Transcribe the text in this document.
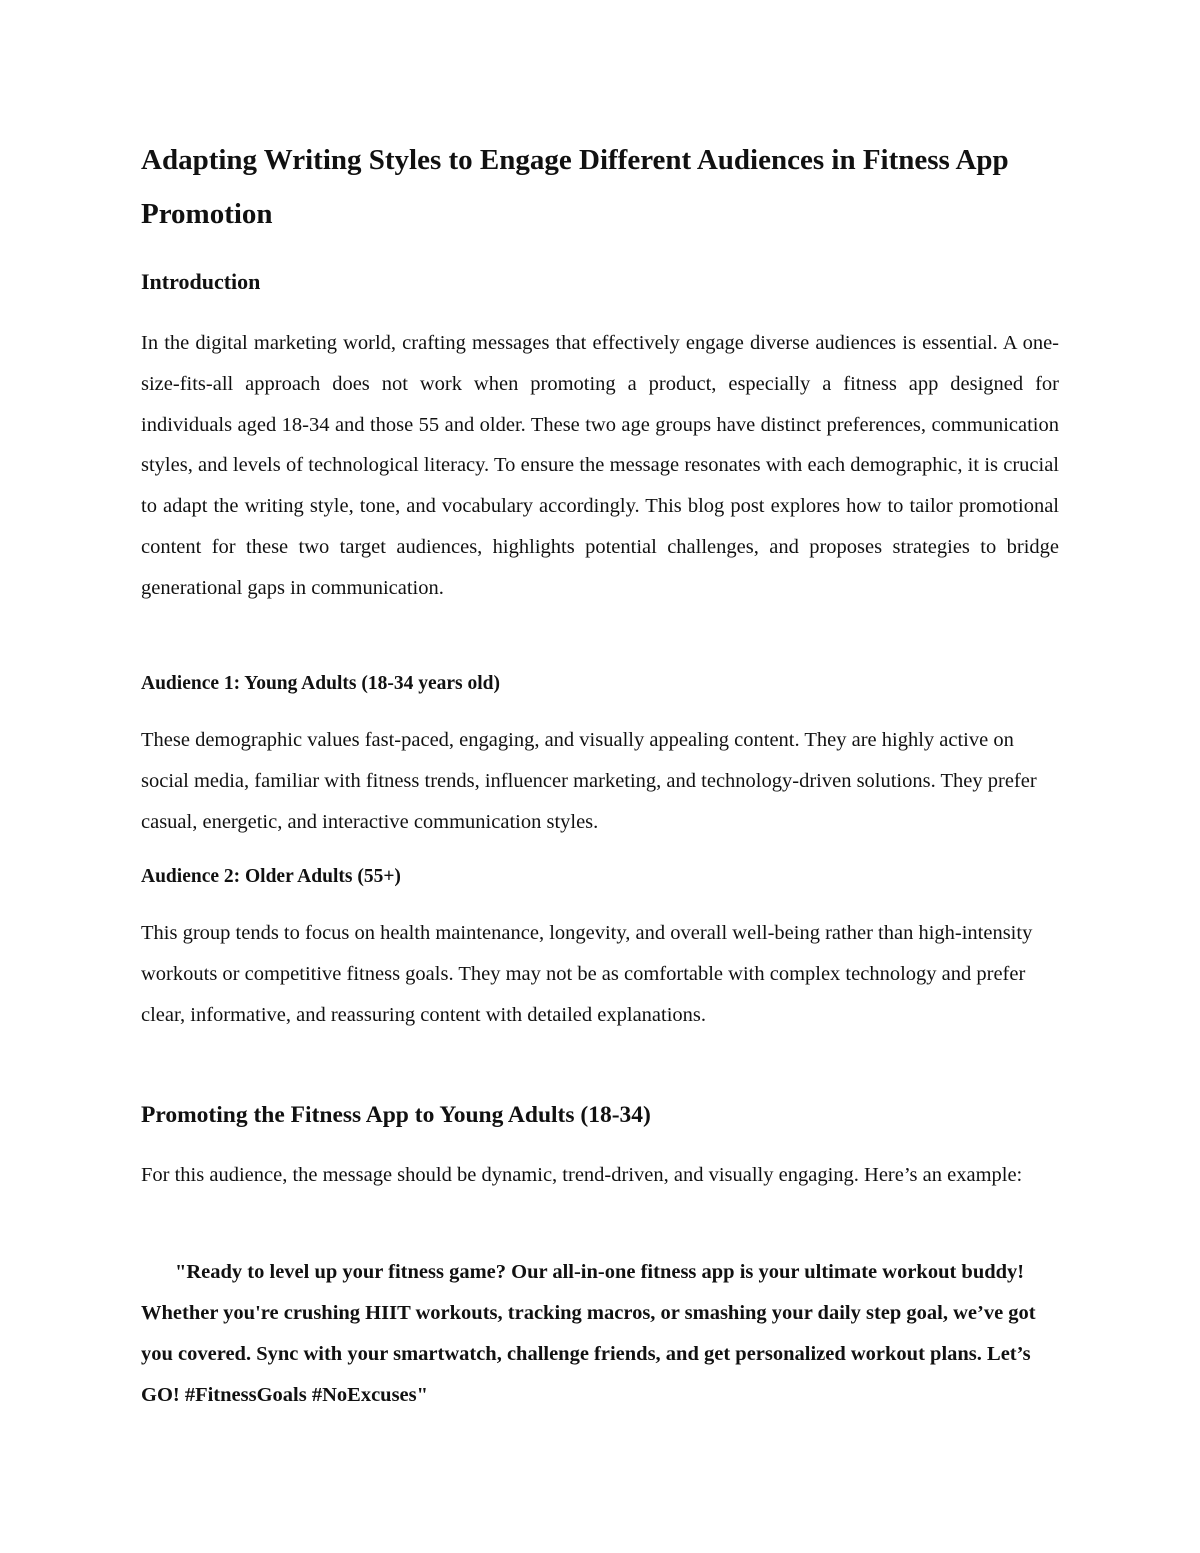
Adapting Writing Styles to Engage Different Audiences in Fitness App Promotion
Introduction

In the digital marketing world, crafting messages that effectively engage diverse audiences is essential. A one-size-fits-all approach does not work when promoting a product, especially a fitness app designed for individuals aged 18-34 and those 55 and older. These two age groups have distinct preferences, communication styles, and levels of technological literacy. To ensure the message resonates with each demographic, it is crucial to adapt the writing style, tone, and vocabulary accordingly. This blog post explores how to tailor promotional content for these two target audiences, highlights potential challenges, and proposes strategies to bridge generational gaps in communication.

Audience 1: Young Adults (18-34 years old)

These demographic values fast-paced, engaging, and visually appealing content. They are highly active on social media, familiar with fitness trends, influencer marketing, and technology-driven solutions. They prefer casual, energetic, and interactive communication styles.

Audience 2: Older Adults (55+)

This group tends to focus on health maintenance, longevity, and overall well-being rather than high-intensity workouts or competitive fitness goals. They may not be as comfortable with complex technology and prefer clear, informative, and reassuring content with detailed explanations.

Promoting the Fitness App to Young Adults (18-34)

For this audience, the message should be dynamic, trend-driven, and visually engaging. Here’s an example:

"Ready to level up your fitness game? Our all-in-one fitness app is your ultimate workout buddy! Whether you're crushing HIIT workouts, tracking macros, or smashing your daily step goal, we’ve got you covered. Sync with your smartwatch, challenge friends, and get personalized workout plans. Let’s GO! #FitnessGoals #NoExcuses"
